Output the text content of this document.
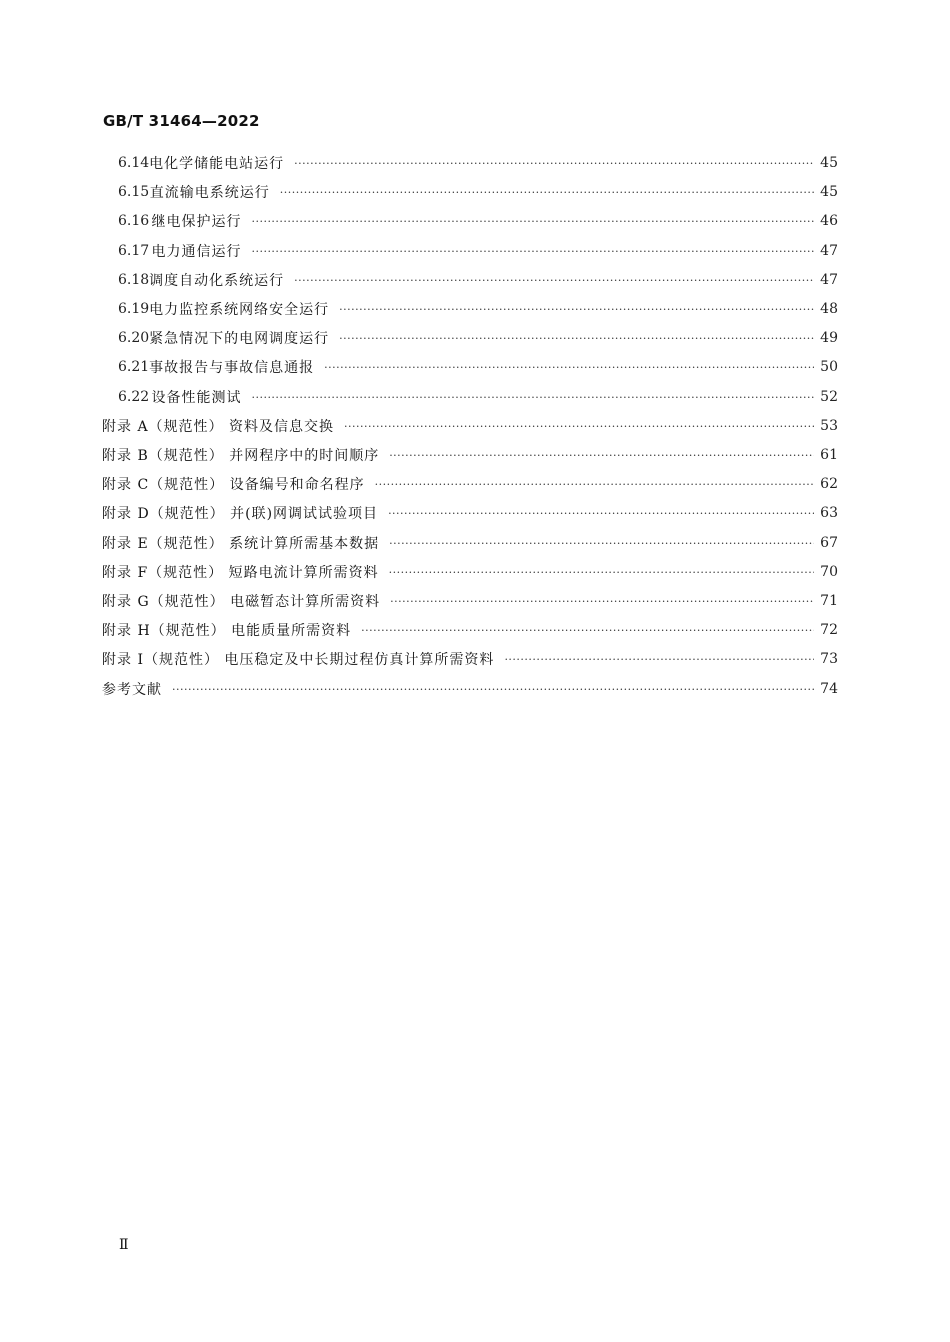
GB/T 31464—2022
6.14 电化学储能电站运行 ·····	45
6.15 直流输电系统运行 ·····	45
6.16 继电保护运行 ·····	46
6.17 电力通信运行 ·····	47
6.18 调度自动化系统运行 ·····	47
6.19 电力监控系统网络安全运行 ·····	48
6.20 紧急情况下的电网调度运行 ·····	49
6.21 事故报告与事故信息通报 ·····	50
6.22 设备性能测试 ·····	52
附录 A（规范性） 资料及信息交换 ·····	53
附录 B（规范性） 并网程序中的时间顺序 ·····	61
附录 C（规范性） 设备编号和命名程序 ·····	62
附录 D（规范性） 并(联)网调试试验项目 ·····	63
附录 E（规范性） 系统计算所需基本数据 ·····	67
附录 F（规范性） 短路电流计算所需资料 ·····	70
附录 G（规范性） 电磁暂态计算所需资料 ·····	71
附录 H（规范性） 电能质量所需资料 ·····	72
附录 I（规范性） 电压稳定及中长期过程仿真计算所需资料 ·····	73
参考文献 ·····	74
Ⅱ
